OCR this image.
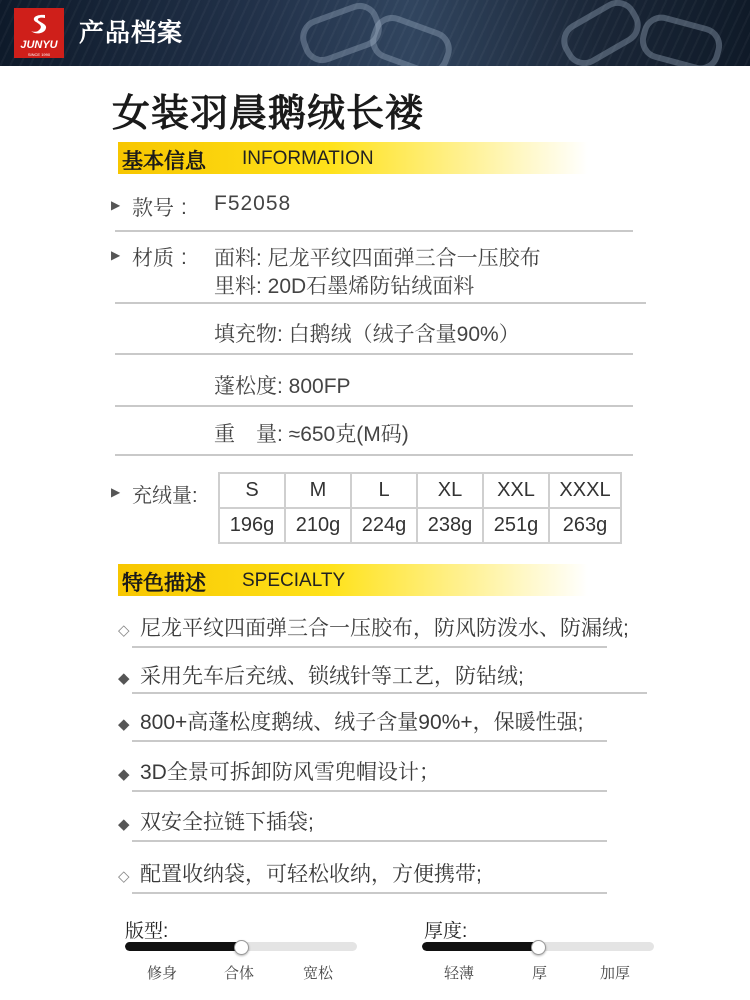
JUNYU
SINCE 1990
产品档案
女装羽晨鹅绒长褛
基本信息 INFORMATION
▶ 款号 : F52058
▶ 材质 : 面料: 尼龙平纹四面弹三合一压胶布
里料: 20D石墨烯防钻绒面料
填充物: 白鹅绒（绒子含量90%）
蓬松度: 800FP
重　量: ≈650克(M码)
▶ 充绒量: S	M	L	XL	XXL	XXXL
196g	210g	224g	238g	251g	263g
特色描述 SPECIALTY
◇ 尼龙平纹四面弹三合一压胶布，防风防泼水、防漏绒;
◆ 采用先车后充绒、锁绒针等工艺，防钻绒;
◆ 800+高蓬松度鹅绒、绒子含量90%+，保暖性强;
◆ 3D全景可拆卸防风雪兜帽设计；
◆ 双安全拉链下插袋;
◇ 配置收纳袋，可轻松收纳，方便携带;
版型:
修身	合体	宽松
厚度:
轻薄	厚	加厚
